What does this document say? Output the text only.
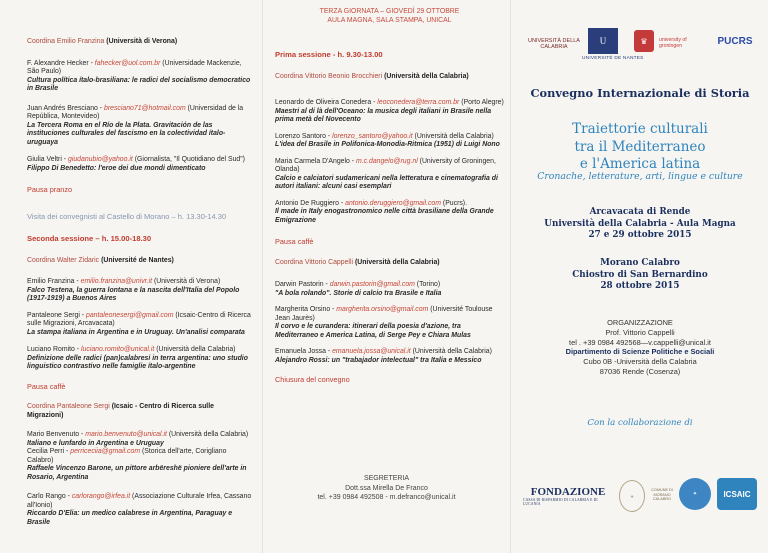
Coordina Emilio Franzina (Università di Verona)

F. Alexandre Hecker - fahecker@uol.com.br (Universidade Mackenzie, São Paulo)

Cultura política ítalo-brasiliana: le radici del socialismo democratico in Brasile

Juan Andrés Bresciano - bresciano71@hotmail.com (Universidad de la República, Montevideo)

La Tercera Roma en el Río de la Plata. Gravitación de las instituciones culturales del fascismo en la colectividad ítalo-uruguaya

Giulia Veltri - giudanubio@yahoo.it (Giornalista, "Il Quotidiano del Sud")

Filippo Di Benedetto: l'eroe dei due mondi dimenticato

Pausa pranzo

Visita dei convegnisti al Castello di Morano – h. 13.30-14.30

Seconda sessione – h. 15.00-18.30

Coordina Walter Zidaric (Université de Nantes)

Emilio Franzina - emilio.franzina@univr.it (Università di Verona)

Falco Testena, la guerra lontana e la nascita dell'Italia del Popolo (1917-1919) a Buenos Aires

Pantaleone Sergi - pantaleonesergi@gmail.com (Icsaic-Centro di Ricerca sulle Migrazioni, Arcavacata)

La stampa italiana in Argentina e in Uruguay. Un'analisi comparata

Luciano Romito - luciano.romito@unical.it (Università della Calabria)

Definizione delle radici (pan)calabresi in terra argentina: uno studio linguistico contrastivo nelle famiglie ítalo-argentine

Pausa caffè

Coordina Pantaleone Sergi (Icsaic - Centro di Ricerca sulle Migrazioni)

Mario Benvenuto - mario.benvenuto@unical.it (Università della Calabria)

Italiano e lunfardo in Argentina e Uruguay

Cecilia Perri - perriceciia@gmail.com (Storica dell'arte, Corigliano Calabro)

Raffaele Vincenzo Barone, un pittore arbëreshë pioniere dell'arte in Rosario, Argentina

Carlo Rango - carlorango@irfea.it (Associazione Culturale Irfea, Cassano all'Ionio)

Riccardo D'Elia: un medico calabrese in Argentina, Paraguay e Brasile

TERZA GIORNATA – GIOVEDÌ 29 OTTOBRE

AULA MAGNA, SALA STAMPA, UNICAL

Prima sessione - h. 9.30-13.00

Coordina Vittorio Beonio Brocchieri (Università della Calabria)

Leonardo de Oliveira Conedera - leoconedera@terra.com.br (Porto Alegre)

Maestri al di là dell'Oceano: la musica degli italiani in Brasile nella prima metà del Novecento

Lorenzo Santoro - lorenzo_santoro@yahoo.it (Università della Calabria)

L'idea del Brasile in Polifonica-Monodia-Ritmica (1951) di Luigi Nono

Maria Carmela D'Angelo - m.c.dangelo@rug.nl (University of Groningen, Olanda)

Calcio e calciatori sudamericani nella letteratura e cinematografia di autori italiani: alcuni casi esemplari

Antonio De Ruggiero - antonio.deruggiero@gmail.com (Pucrs).

Il made in Italy enogastronomico nelle città brasiliane della Grande Emigrazione

Pausa caffè

Coordina Vittorio Cappelli (Università della Calabria)

Darwin Pastorin - darwin.pastorin@gmail.com (Torino)

"A bola rolando". Storie di calcio tra Brasile e Italia

Margherita Orsino - margherita.orsino@gmail.com (Université Toulouse Jean Jaurès)

Il corvo e le curandera: itinerari della poesia d'azione, tra Mediterraneo e America Latina, di Serge Pey e Chiara Mulas

Emanuela Jossa - emanuela.jossa@unical.it (Università della Calabria)

Alejandro Rossi: un "trabajador intelectual" tra Italia e Messico

Chiusura del convegno

SEGRETERIA
Dott.ssa Mirella De Franco
tel. +39 0984 492508 - m.defranco@unical.it
UNIVERSITÀ DELLA CALABRIA
U
UNIVERSITÉ DE NANTES
♛	university of groningen	PUCRS
Convegno Internazionale di Storia
Traiettorie culturali
tra il Mediterraneo
e l'America latina
Cronache, letterature, arti, lingue e culture
Arcavacata di Rende
Università della Calabria - Aula Magna
27 e 29 ottobre 2015
Morano Calabro
Chiostro di San Bernardino
28 ottobre 2015
ORGANIZZAZIONE
Prof. Vittorio Cappelli
tel . +39 0984 492568—v.cappelli@unical.it
Dipartimento di Scienze Politiche e Sociali
Cubo 0B -Università della Calabria
87036 Rende (Cosenza)
Con la collaborazione di
FONDAZIONE
CASSA DI RISPARMIO DI CALABRIA E DI LUCANIA
⚜
COMUNE DI MORANO CALABRO
✦	ICSAIC
